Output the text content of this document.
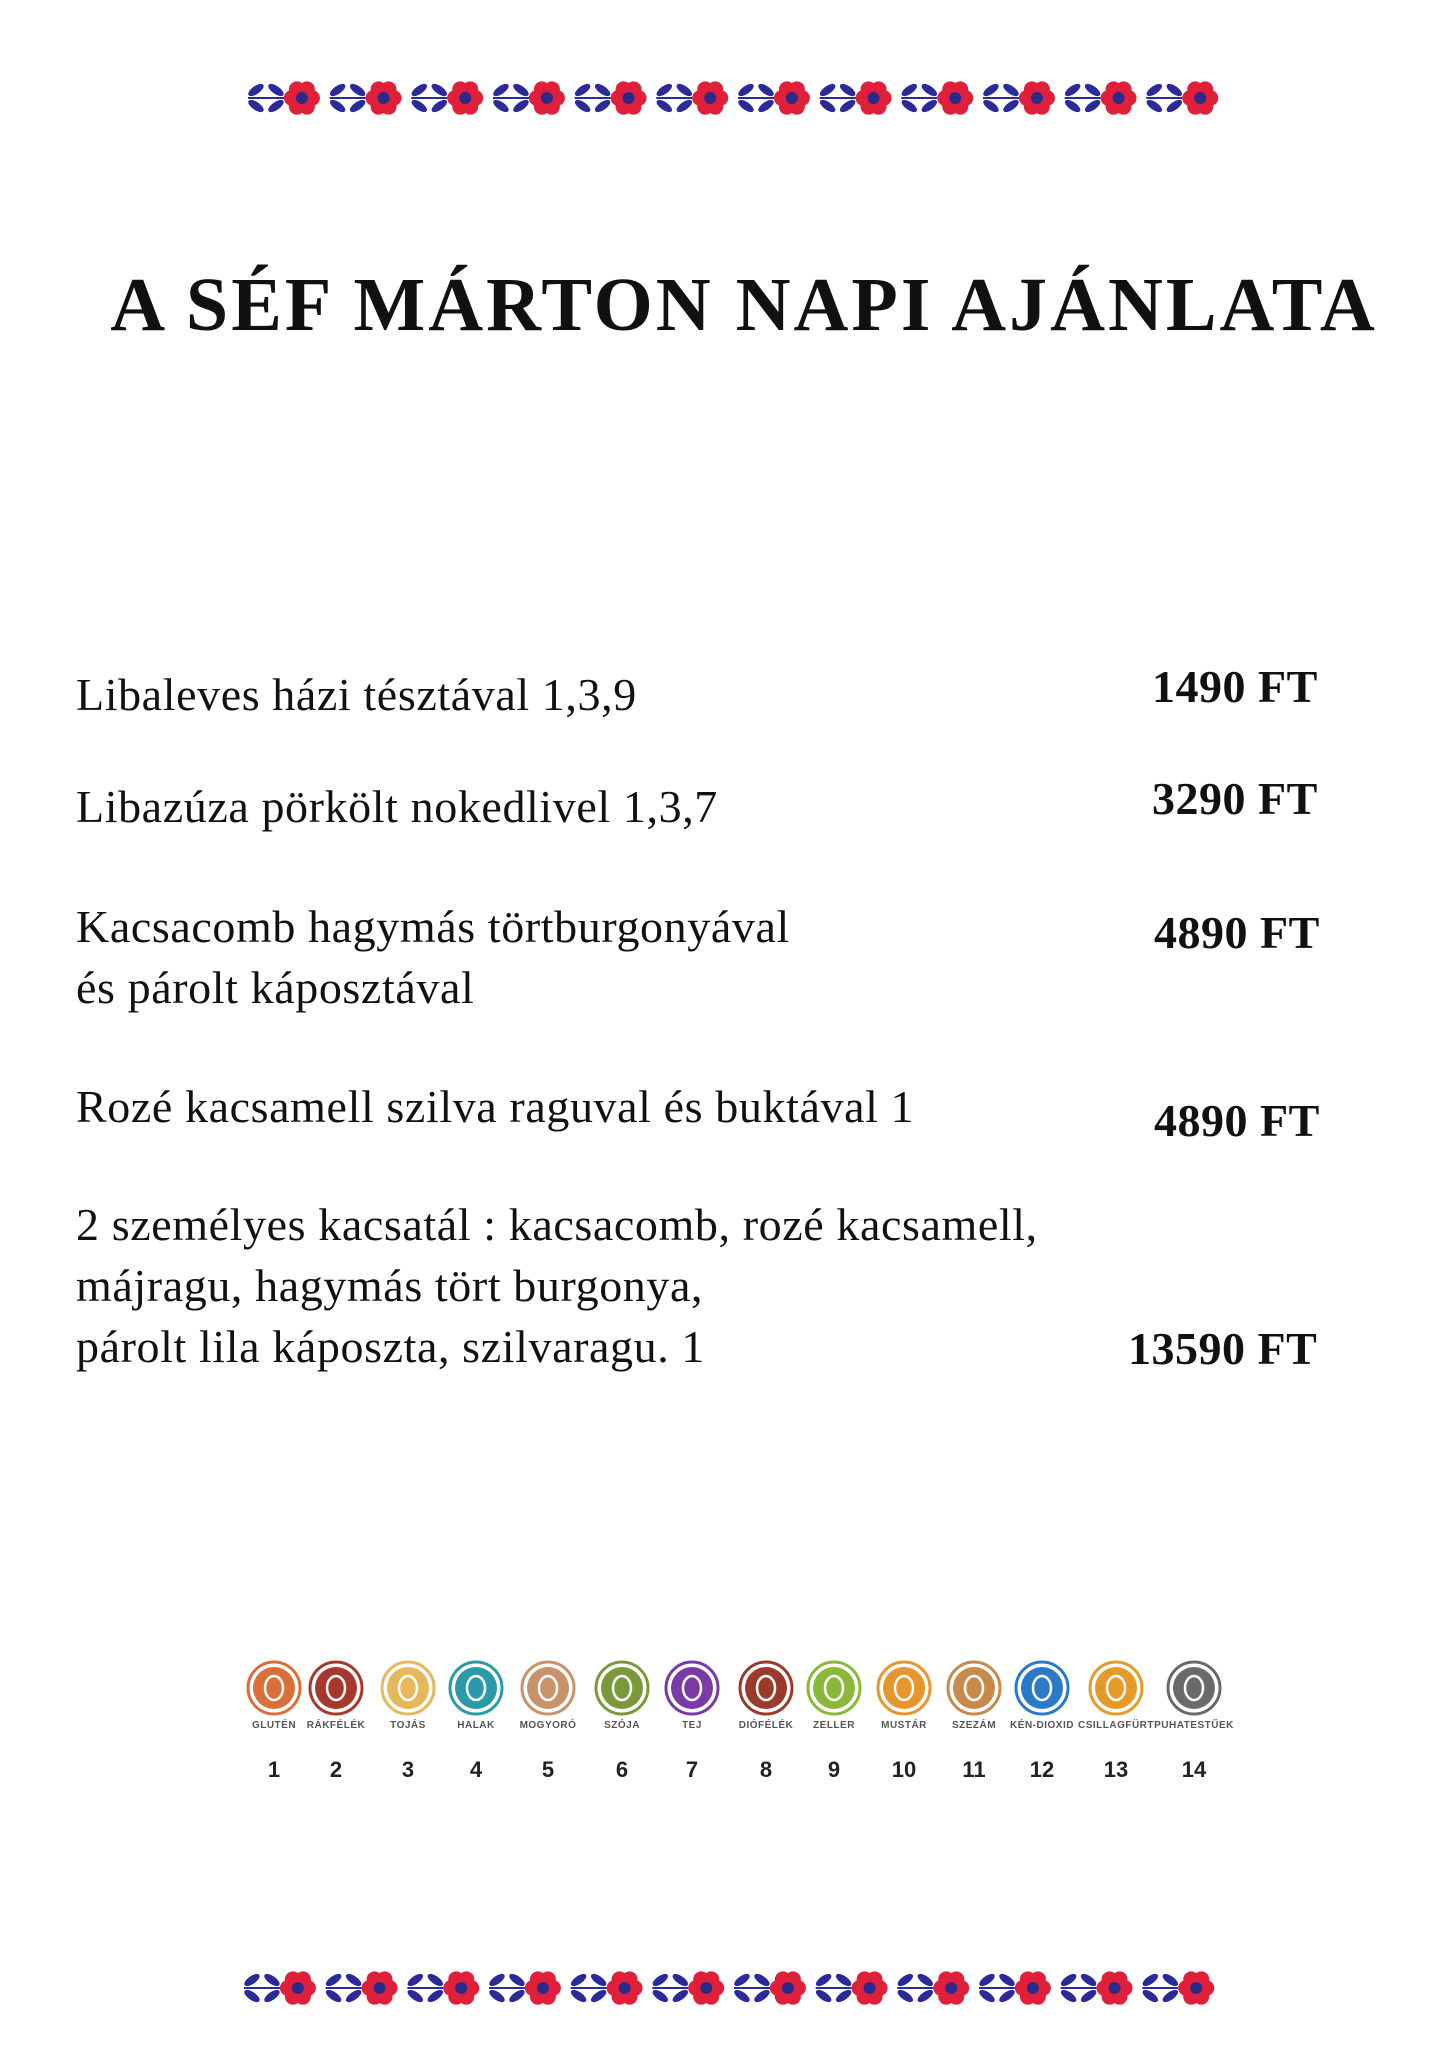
A SÉF MÁRTON NAPI AJÁNLATA
Libaleves házi tésztával 1,3,9	1490 FT
Libazúza pörkölt nokedlivel 1,3,7	3290 FT
Kacsacomb hagymás törtburgonyával
és párolt káposztával
4890 FT
Rozé kacsamell szilva raguval és buktával 1	4890 FT
2 személyes kacsatál : kacsacomb, rozé kacsamell,
májragu, hagymás tört burgonya,
párolt lila káposzta, szilvaragu. 1	13590 FT
GLUTÉN
1
RÁKFÉLÉK
2
TOJÁS
3
HALAK
4
MOGYORÓ
5
SZÓJA
6
TEJ
7
DIÓFÉLÉK
8
ZELLER
9
MUSTÁR
10
SZEZÁM
11
KÉN-DIOXID
12
CSILLAGFÜRT
13
PUHATESTŰEK
14
